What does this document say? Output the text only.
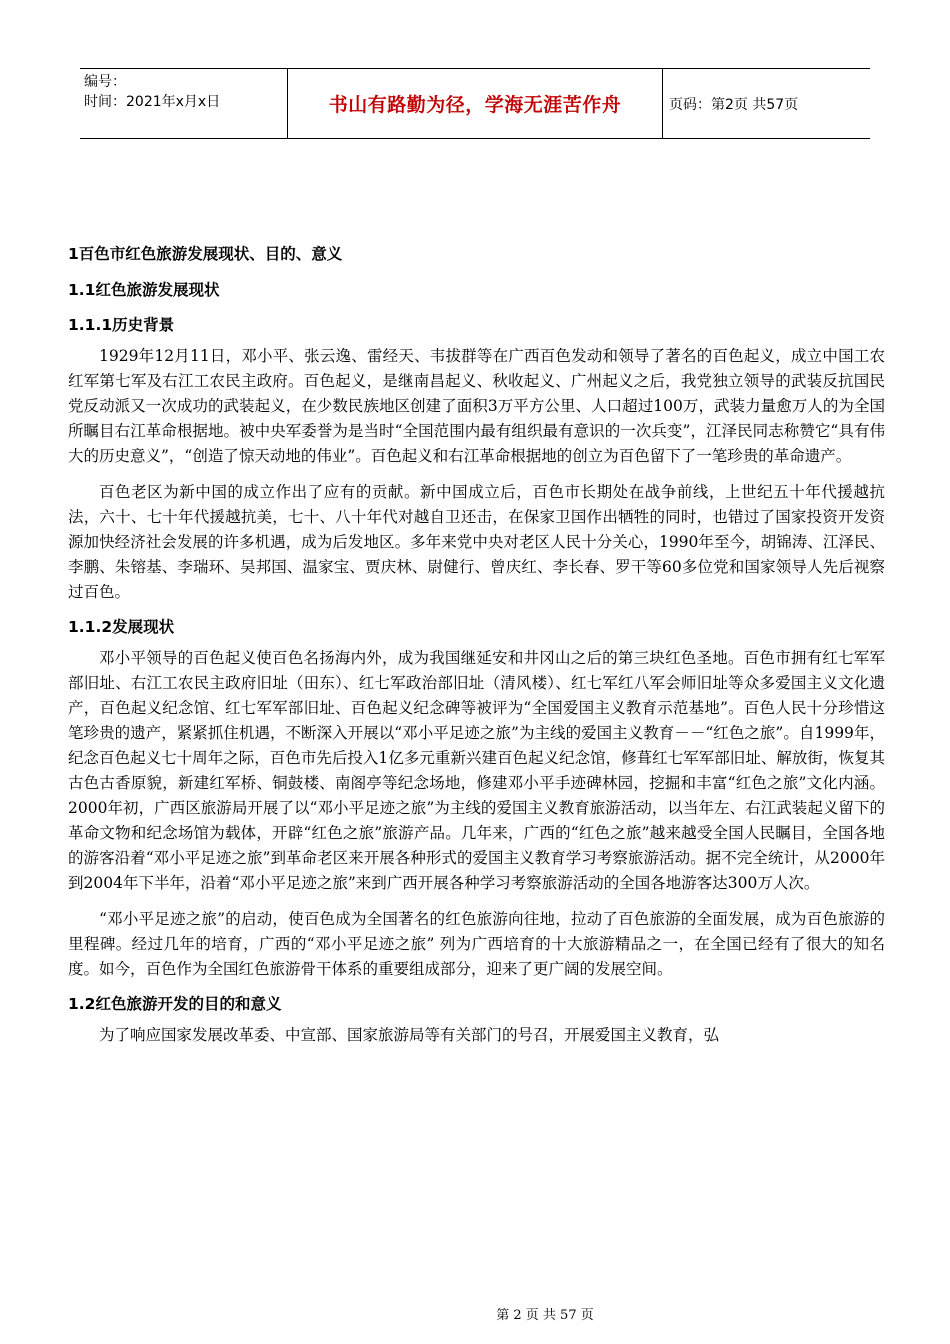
编号：
时间：2021年x月x日	书山有路勤为径，学海无涯苦作舟	页码：第2页 共57页
1百色市红色旅游发展现状、目的、意义
1.1红色旅游发展现状
1.1.1历史背景

1929年12月11日，邓小平、张云逸、雷经天、韦拔群等在广西百色发动和领导了著名的百色起义，成立中国工农红军第七军及右江工农民主政府。百色起义，是继南昌起义、秋收起义、广州起义之后，我党独立领导的武装反抗国民党反动派又一次成功的武装起义，在少数民族地区创建了面积3万平方公里、人口超过100万，武装力量愈万人的为全国所瞩目右江革命根据地。被中央军委誉为是当时“全国范围内最有组织最有意识的一次兵变”，江泽民同志称赞它“具有伟大的历史意义”，“创造了惊天动地的伟业”。百色起义和右江革命根据地的创立为百色留下了一笔珍贵的革命遗产。

百色老区为新中国的成立作出了应有的贡献。新中国成立后，百色市长期处在战争前线，上世纪五十年代援越抗法，六十、七十年代援越抗美，七十、八十年代对越自卫还击，在保家卫国作出牺牲的同时，也错过了国家投资开发资源加快经济社会发展的许多机遇，成为后发地区。多年来党中央对老区人民十分关心，1990年至今，胡锦涛、江泽民、李鹏、朱镕基、李瑞环、吴邦国、温家宝、贾庆林、尉健行、曾庆红、李长春、罗干等60多位党和国家领导人先后视察过百色。

1.1.2发展现状

邓小平领导的百色起义使百色名扬海内外，成为我国继延安和井冈山之后的第三块红色圣地。百色市拥有红七军军部旧址、右江工农民主政府旧址（田东）、红七军政治部旧址（清风楼）、红七军红八军会师旧址等众多爱国主义文化遗产，百色起义纪念馆、红七军军部旧址、百色起义纪念碑等被评为“全国爱国主义教育示范基地”。百色人民十分珍惜这笔珍贵的遗产，紧紧抓住机遇，不断深入开展以“邓小平足迹之旅”为主线的爱国主义教育－－“红色之旅”。自1999年，纪念百色起义七十周年之际，百色市先后投入1亿多元重新兴建百色起义纪念馆，修葺红七军军部旧址、解放街，恢复其古色古香原貌，新建红军桥、铜鼓楼、南阁亭等纪念场地，修建邓小平手迹碑林园，挖掘和丰富“红色之旅”文化内涵。2000年初，广西区旅游局开展了以“邓小平足迹之旅”为主线的爱国主义教育旅游活动，以当年左、右江武装起义留下的革命文物和纪念场馆为载体，开辟“红色之旅”旅游产品。几年来，广西的“红色之旅”越来越受全国人民瞩目，全国各地的游客沿着“邓小平足迹之旅”到革命老区来开展各种形式的爱国主义教育学习考察旅游活动。据不完全统计，从2000年到2004年下半年，沿着“邓小平足迹之旅”来到广西开展各种学习考察旅游活动的全国各地游客达300万人次。

“邓小平足迹之旅”的启动，使百色成为全国著名的红色旅游向往地，拉动了百色旅游的全面发展，成为百色旅游的里程碑。经过几年的培育，广西的“邓小平足迹之旅” 列为广西培育的十大旅游精品之一，在全国已经有了很大的知名度。如今，百色作为全国红色旅游骨干体系的重要组成部分，迎来了更广阔的发展空间。

1.2红色旅游开发的目的和意义

为了响应国家发展改革委、中宣部、国家旅游局等有关部门的号召，开展爱国主义教育，弘

第 2 页 共 57 页
